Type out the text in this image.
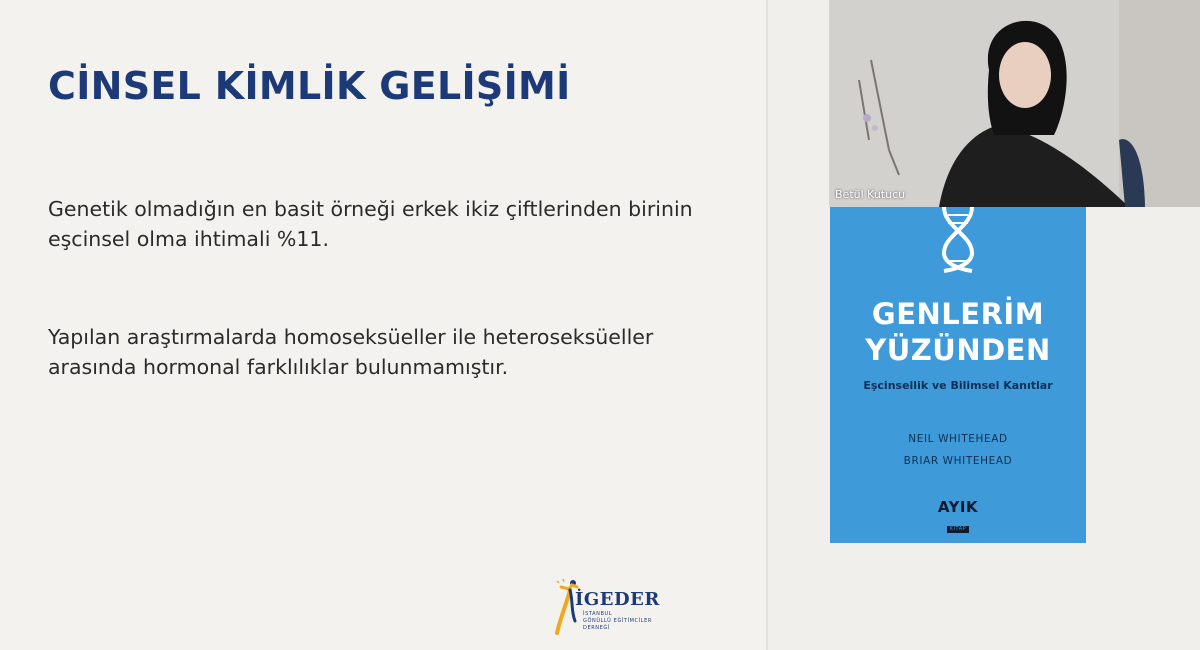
CİNSEL KİMLİK GELİŞİMİ
Genetik olmadığın en basit örneği erkek ikiz çiftlerinden birinin eşcinsel olma ihtimali %11.
Yapılan araştırmalarda homoseksüeller ile heteroseksüeller arasında hormonal farklılıklar bulunmamıştır.
İGEDER
İSTANBUL
GÖNÜLLÜ EĞİTİMCİLER
DERNEĞİ
Betül Kutucu
GENLERİM
YÜZÜNDEN
Eşcinsellik ve Bilimsel Kanıtlar
NEIL WHITEHEAD
BRIAR WHITEHEAD
AYIK
KİTAP
